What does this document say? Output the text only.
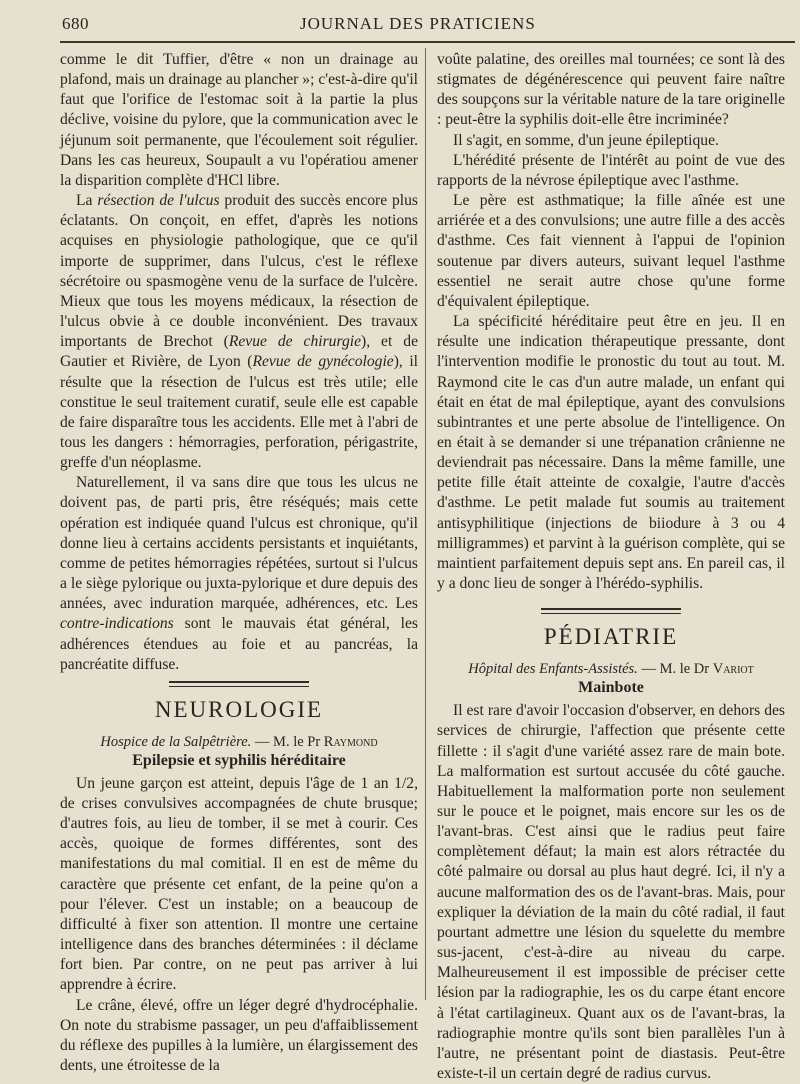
680	JOURNAL DES PRATICIENS

comme le dit Tuffier, d'être « non un drainage au plafond, mais un drainage au plancher »; c'est-à-dire qu'il faut que l'orifice de l'estomac soit à la partie la plus déclive, voisine du pylore, que la communication avec le jéjunum soit permanente, que l'écoulement soit régulier. Dans les cas heureux, Soupault a vu l'opératiou amener la disparition complète d'HCl libre.

La résection de l'ulcus produit des succès encore plus éclatants. On conçoit, en effet, d'après les notions acquises en physiologie pathologique, que ce qu'il importe de supprimer, dans l'ulcus, c'est le réflexe sécrétoire ou spasmogène venu de la surface de l'ulcère. Mieux que tous les moyens médicaux, la résection de l'ulcus obvie à ce double inconvénient. Des travaux importants de Brechot (Revue de chirurgie), et de Gautier et Rivière, de Lyon (Revue de gynécologie), il résulte que la résection de l'ulcus est très utile; elle constitue le seul traitement curatif, seule elle est capable de faire disparaître tous les accidents. Elle met à l'abri de tous les dangers : hémorragies, perforation, périgastrite, greffe d'un néoplasme.

Naturellement, il va sans dire que tous les ulcus ne doivent pas, de parti pris, être réséqués; mais cette opération est indiquée quand l'ulcus est chronique, qu'il donne lieu à certains accidents persistants et inquiétants, comme de petites hémorragies répétées, surtout si l'ulcus a le siège pylorique ou juxta-pylorique et dure depuis des années, avec induration marquée, adhérences, etc. Les contre-indications sont le mauvais état général, les adhérences étendues au foie et au pancréas, la pancréatite diffuse.

NEUROLOGIE
Hospice de la Salpêtrière. — M. le Pr Raymond
Epilepsie et syphilis héréditaire

Un jeune garçon est atteint, depuis l'âge de 1 an 1/2, de crises convulsives accompagnées de chute brusque; d'autres fois, au lieu de tomber, il se met à courir. Ces accès, quoique de formes différentes, sont des manifestations du mal comitial. Il en est de même du caractère que présente cet enfant, de la peine qu'on a pour l'élever. C'est un instable; on a beaucoup de difficulté à fixer son attention. Il montre une certaine intelligence dans des branches déterminées : il déclame fort bien. Par contre, on ne peut pas arriver à lui apprendre à écrire.

Le crâne, élevé, offre un léger degré d'hydrocéphalie. On note du strabisme passager, un peu d'affaiblissement du réflexe des pupilles à la lumière, un élargissement des dents, une étroitesse de la

voûte palatine, des oreilles mal tournées; ce sont là des stigmates de dégénérescence qui peuvent faire naître des soupçons sur la véritable nature de la tare originelle : peut-être la syphilis doit-elle être incriminée?

Il s'agit, en somme, d'un jeune épileptique.

L'hérédité présente de l'intérêt au point de vue des rapports de la névrose épileptique avec l'asthme.

Le père est asthmatique; la fille aînée est une arriérée et a des convulsions; une autre fille a des accès d'asthme. Ces fait viennent à l'appui de l'opinion soutenue par divers auteurs, suivant lequel l'asthme essentiel ne serait autre chose qu'une forme d'équivalent épileptique.

La spécificité héréditaire peut être en jeu. Il en résulte une indication thérapeutique pressante, dont l'intervention modifie le pronostic du tout au tout. M. Raymond cite le cas d'un autre malade, un enfant qui était en état de mal épileptique, ayant des convulsions subintrantes et une perte absolue de l'intelligence. On en était à se demander si une trépanation crânienne ne deviendrait pas nécessaire. Dans la même famille, une petite fille était atteinte de coxalgie, l'autre d'accès d'asthme. Le petit malade fut soumis au traitement antisyphilitique (injections de biiodure à 3 ou 4 milligrammes) et parvint à la guérison complète, qui se maintient parfaitement depuis sept ans. En pareil cas, il y a donc lieu de songer à l'hérédo-syphilis.

PÉDIATRIE
Hôpital des Enfants-Assistés. — M. le Dr Variot
Mainbote

Il est rare d'avoir l'occasion d'observer, en dehors des services de chirurgie, l'affection que présente cette fillette : il s'agit d'une variété assez rare de main bote. La malformation est surtout accusée du côté gauche. Habituellement la malformation porte non seulement sur le pouce et le poignet, mais encore sur les os de l'avant-bras. C'est ainsi que le radius peut faire complètement défaut; la main est alors rétractée du côté palmaire ou dorsal au plus haut degré. Ici, il n'y a aucune malformation des os de l'avant-bras. Mais, pour expliquer la déviation de la main du côté radial, il faut pourtant admettre une lésion du squelette du membre sus-jacent, c'est-à-dire au niveau du carpe. Malheureusement il est impossible de préciser cette lésion par la radiographie, les os du carpe étant encore à l'état cartilagineux. Quant aux os de l'avant-bras, la radiographie montre qu'ils sont bien parallèles l'un à l'autre, ne présentant point de diastasis. Peut-être existe-t-il un certain degré de radius curvus.
